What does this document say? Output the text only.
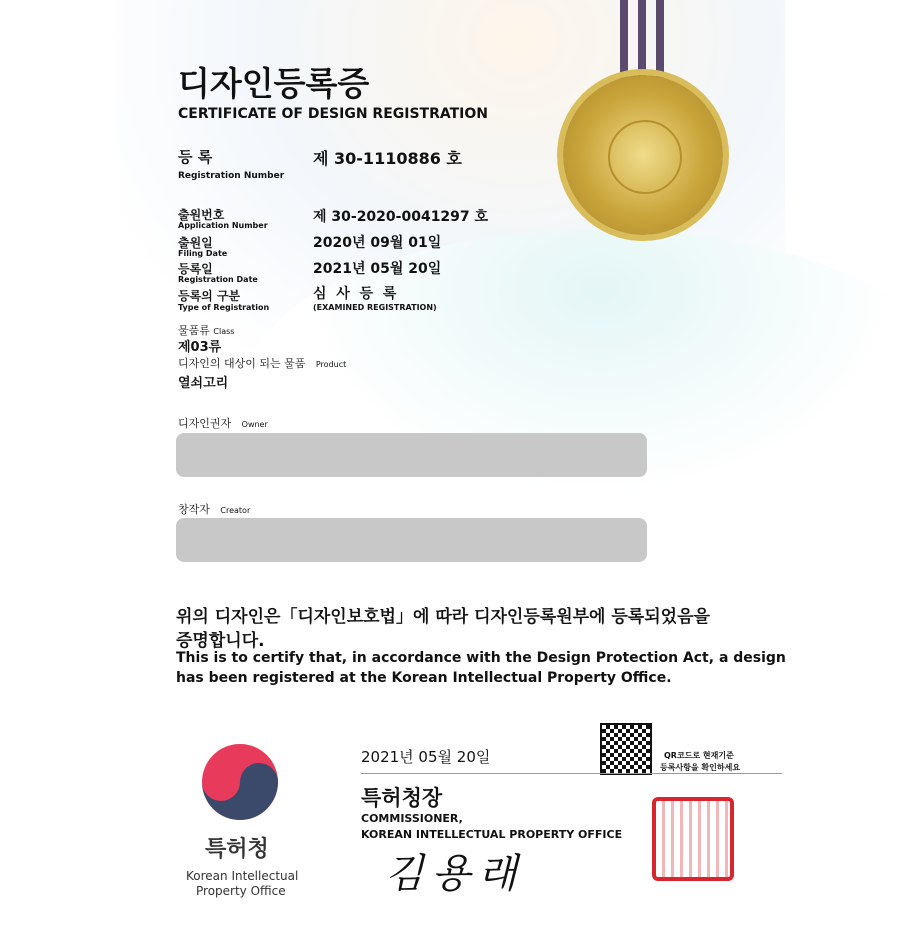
디자인등록증
CERTIFICATE OF DESIGN REGISTRATION
등 록
Registration Number
제 30-1110886 호
출원번호
Application Number
제 30-2020-0041297 호
출원일
Filing Date
2020년 09월 01일
등록일
Registration Date
2021년 05월 20일
등록의 구분
Type of Registration
심  사  등  록
(EXAMINED REGISTRATION)
물품류 Class
제03류
디자인의 대상이 되는 물품 Product
열쇠고리
디자인권자 Owner
창작자 Creator
위의 디자인은「디자인보호법」에 따라 디자인등록원부에 등록되었음을
증명합니다.
This is to certify that, in accordance with the Design Protection Act, a design
has been registered at the Korean Intellectual Property Office.
특허청
Korean Intellectual
Property Office
2021년 05월 20일	QR코드로 현재기준
등록사항을 확인하세요
특허청장
COMMISSIONER,
KOREAN INTELLECTUAL PROPERTY OFFICE
김용래
